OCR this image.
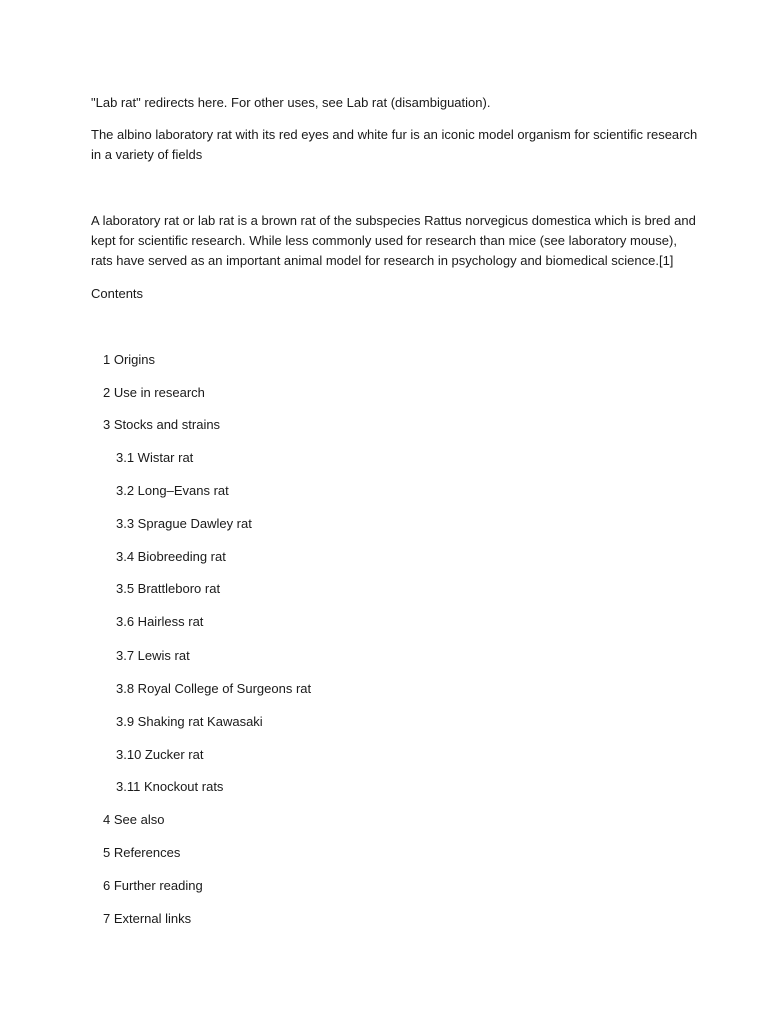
"Lab rat" redirects here. For other uses, see Lab rat (disambiguation).

The albino laboratory rat with its red eyes and white fur is an iconic model organism for scientific research in a variety of fields

A laboratory rat or lab rat is a brown rat of the subspecies Rattus norvegicus domestica which is bred and kept for scientific research. While less commonly used for research than mice (see laboratory mouse), rats have served as an important animal model for research in psychology and biomedical science.[1]

Contents

1 Origins
2 Use in research
3 Stocks and strains
3.1 Wistar rat
3.2 Long–Evans rat
3.3 Sprague Dawley rat
3.4 Biobreeding rat
3.5 Brattleboro rat
3.6 Hairless rat
3.7 Lewis rat
3.8 Royal College of Surgeons rat
3.9 Shaking rat Kawasaki
3.10 Zucker rat
3.11 Knockout rats
4 See also
5 References
6 Further reading
7 External links
